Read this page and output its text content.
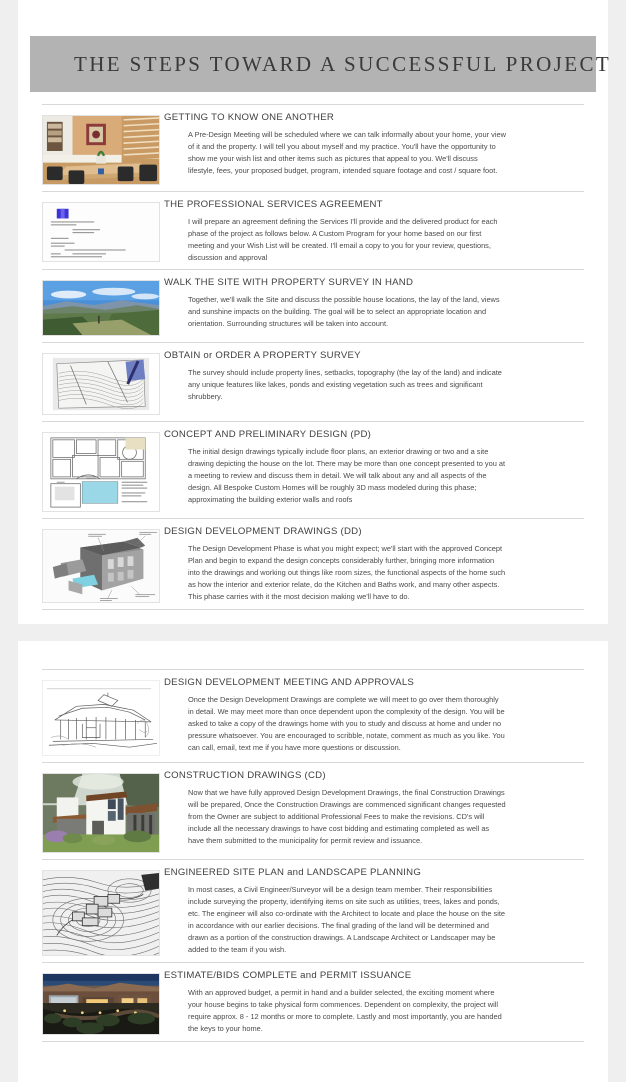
THE STEPS TOWARD A SUCCESSFUL PROJECT
GETTING TO KNOW ONE ANOTHER
A Pre-Design Meeting will be scheduled where we can talk informally about your home, your view of it and the property. I will tell you about myself and my practice. You'll have the opportunity to show me your wish list and other items such as pictures that appeal to you. We'll discuss lifestyle, fees, your proposed budget, program, intended square footage and cost / square foot.
THE PROFESSIONAL SERVICES AGREEMENT
I will prepare an agreement defining the Services I'll provide and the delivered product for each phase of the project as follows below. A Custom Program for your home based on our first meeting and your Wish List will be created. I'll email a copy to you for your review, questions, discussion and approval
WALK THE SITE WITH PROPERTY SURVEY IN HAND
Together, we'll walk the Site and discuss the possible house locations, the lay of the land, views and sunshine impacts on the building. The goal will be to select an appropriate location and orientation. Surrounding structures will be taken into account.
OBTAIN or ORDER A PROPERTY SURVEY
The survey should include property lines, setbacks, topography (the lay of the land) and indicate any unique features like lakes, ponds and existing vegetation such as trees and significant shrubbery.
CONCEPT AND PRELIMINARY DESIGN (PD)
The initial design drawings typically include floor plans, an exterior drawing or two and a site drawing depicting the house on the lot. There may be more than one concept presented to you at a meeting to review and discuss them in detail. We will talk about any and all aspects of the design. All Bespoke Custom Homes will be roughly 3D mass modeled during this phase; approximating the building exterior walls and roofs
DESIGN DEVELOPMENT DRAWINGS (DD)
The Design Development Phase is what you might expect; we'll start with the approved Concept Plan and begin to expand the design concepts considerably further, bringing more information into the drawings and working out things like room sizes, the functional aspects of the home such as how the interior and exterior relate, do the Kitchen and Baths work, and many other aspects. This phase carries with it the most decision making we'll have to do.
DESIGN DEVELOPMENT MEETING AND APPROVALS
Once the Design Development Drawings are complete we will meet to go over them thoroughly in detail. We may meet more than once dependent upon the complexity of the design. You will be asked to take a copy of the drawings home with you to study and discuss at home and under no pressure whatsoever. You are encouraged to scribble, notate, comment as much as you like. You can call, email, text me if you have more questions or discussion.
CONSTRUCTION DRAWINGS (CD)
Now that we have fully approved Design Development Drawings, the final Construction Drawings will be prepared, Once the Construction Drawings are commenced significant changes requested from the Owner are subject to additional Professional Fees to make the revisions. CD's will include all the necessary drawings to have cost bidding and estimating completed as well as have them submitted to the municipality for permit review and issuance.
ENGINEERED SITE PLAN and LANDSCAPE PLANNING
In most cases, a Civil Engineer/Surveyor will be a design team member. Their responsibilities include surveying the property, identifying items on site such as utilities, trees, lakes and ponds, etc. The engineer will also co-ordinate with the Architect to locate and place the house on the site in accordance with our earlier decisions. The final grading of the land will be determined and drawn as a portion of the construction drawings. A Landscape Architect or Landscaper may be added to the team if you wish.
ESTIMATE/BIDS COMPLETE and PERMIT ISSUANCE
With an approved budget, a permit in hand and a builder selected, the exciting moment where your house begins to take physical form commences. Dependent on complexity, the project will require approx. 8 - 12 months or more to complete. Lastly and most importantly, you are handed the keys to your home.
